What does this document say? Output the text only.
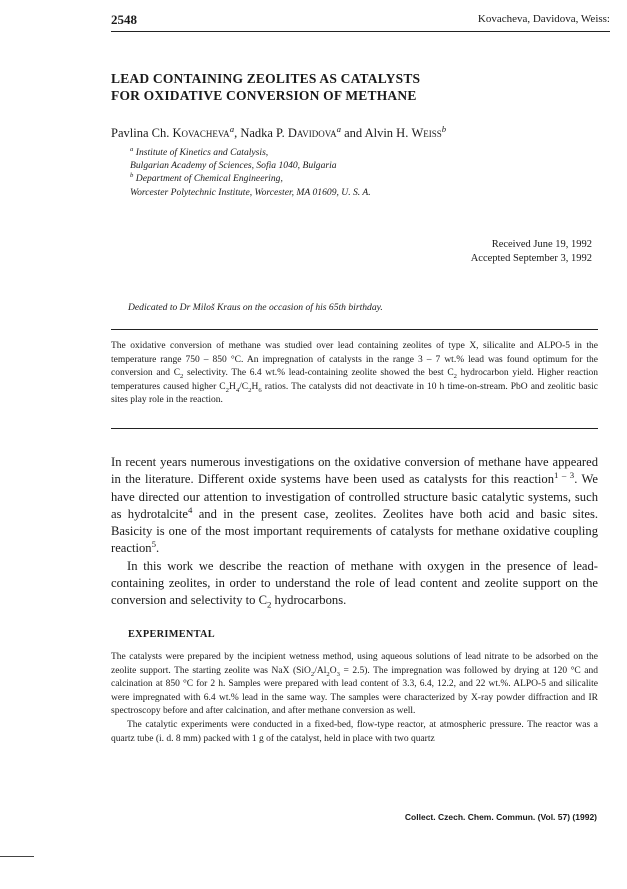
2548	Kovacheva, Davidova, Weiss:
LEAD CONTAINING ZEOLITES AS CATALYSTS
FOR OXIDATIVE CONVERSION OF METHANE
Pavlina Ch. Kovacheva$^a$, Nadka P. Davidova$^a$ and Alvin H. Weiss$^b$
$^a$ Institute of Kinetics and Catalysis,
Bulgarian Academy of Sciences, Sofia 1040, Bulgaria
$^b$ Department of Chemical Engineering,
Worcester Polytechnic Institute, Worcester, MA 01609, U. S. A.
Received June 19, 1992
Accepted September 3, 1992
Dedicated to Dr Miloš Kraus on the occasion of his 65th birthday.
The oxidative conversion of methane was studied over lead containing zeolites of type X, silicalite and ALPO-5 in the temperature range 750 – 850 °C. An impregnation of catalysts in the range 3 – 7 wt.% lead was found optimum for the conversion and $C_2$ selectivity. The 6.4 wt.% lead-containing zeolite showed the best $C_2$ hydrocarbon yield. Higher reaction temperatures caused higher $C_2H_4/C_2H_6$ ratios. The catalysts did not deactivate in 10 h time-on-stream. PbO and zeolitic basic sites play role in the reaction.

In recent years numerous investigations on the oxidative conversion of methane have appeared in the literature. Different oxide systems have been used as catalysts for this reaction$^{1 - 3}$. We have directed our attention to investigation of controlled structure basic catalytic systems, such as hydrotalcite$^4$ and in the present case, zeolites. Zeolites have both acid and basic sites. Basicity is one of the most important requirements of catalysts for methane oxidative coupling reaction$^5$.

In this work we describe the reaction of methane with oxygen in the presence of lead-containing zeolites, in order to understand the role of lead content and zeolite support on the conversion and selectivity to $C_2$ hydrocarbons.

EXPERIMENTAL

The catalysts were prepared by the incipient wetness method, using aqueous solutions of lead nitrate to be adsorbed on the zeolite support. The starting zeolite was NaX $(SiO_2/Al_2O_3 = 2.5)$. The impregnation was followed by drying at 120 °C and calcination at 850 °C for 2 h. Samples were prepared with lead content of 3.3, 6.4, 12.2, and 22 wt.%. ALPO-5 and silicalite were impregnated with 6.4 wt.% lead in the same way. The samples were characterized by X-ray powder diffraction and IR spectroscopy before and after calcination, and after methane conversion as well.

The catalytic experiments were conducted in a fixed-bed, flow-type reactor, at atmospheric pressure. The reactor was a quartz tube (i. d. 8 mm) packed with 1 g of the catalyst, held in place with two quartz

Collect. Czech. Chem. Commun. (Vol. 57) (1992)
